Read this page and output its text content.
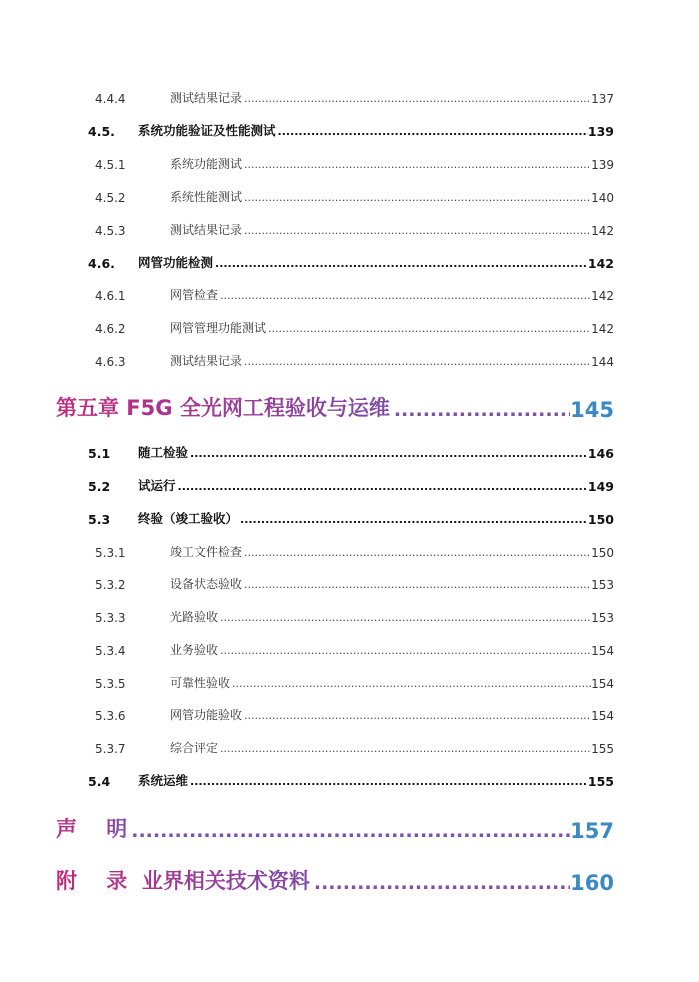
4.4.4	测试结果记录 .....	137
4.5.	系统功能验证及性能测试 .....	139
4.5.1	系统功能测试 .....	139
4.5.2	系统性能测试 .....	140
4.5.3	测试结果记录 .....	142
4.6.	网管功能检测 .....	142
4.6.1	网管检查 .....	142
4.6.2	网管管理功能测试 .....	142
4.6.3	测试结果记录 .....	144
第五章 F5G 全光网工程验收与运维 .....	145
5.1	随工检验 .....	146
5.2	试运行 .....	149
5.3	终验（竣工验收） .....	150
5.3.1	竣工文件检查 .....	150
5.3.2	设备状态验收 .....	153
5.3.3	光路验收 .....	153
5.3.4	业务验收 .....	154
5.3.5	可靠性验收 .....	154
5.3.6	网管功能验收 .....	154
5.3.7	综合评定 .....	155
5.4	系统运维 .....	155
声    明 .....	157
附    录  业界相关技术资料 .....	160
